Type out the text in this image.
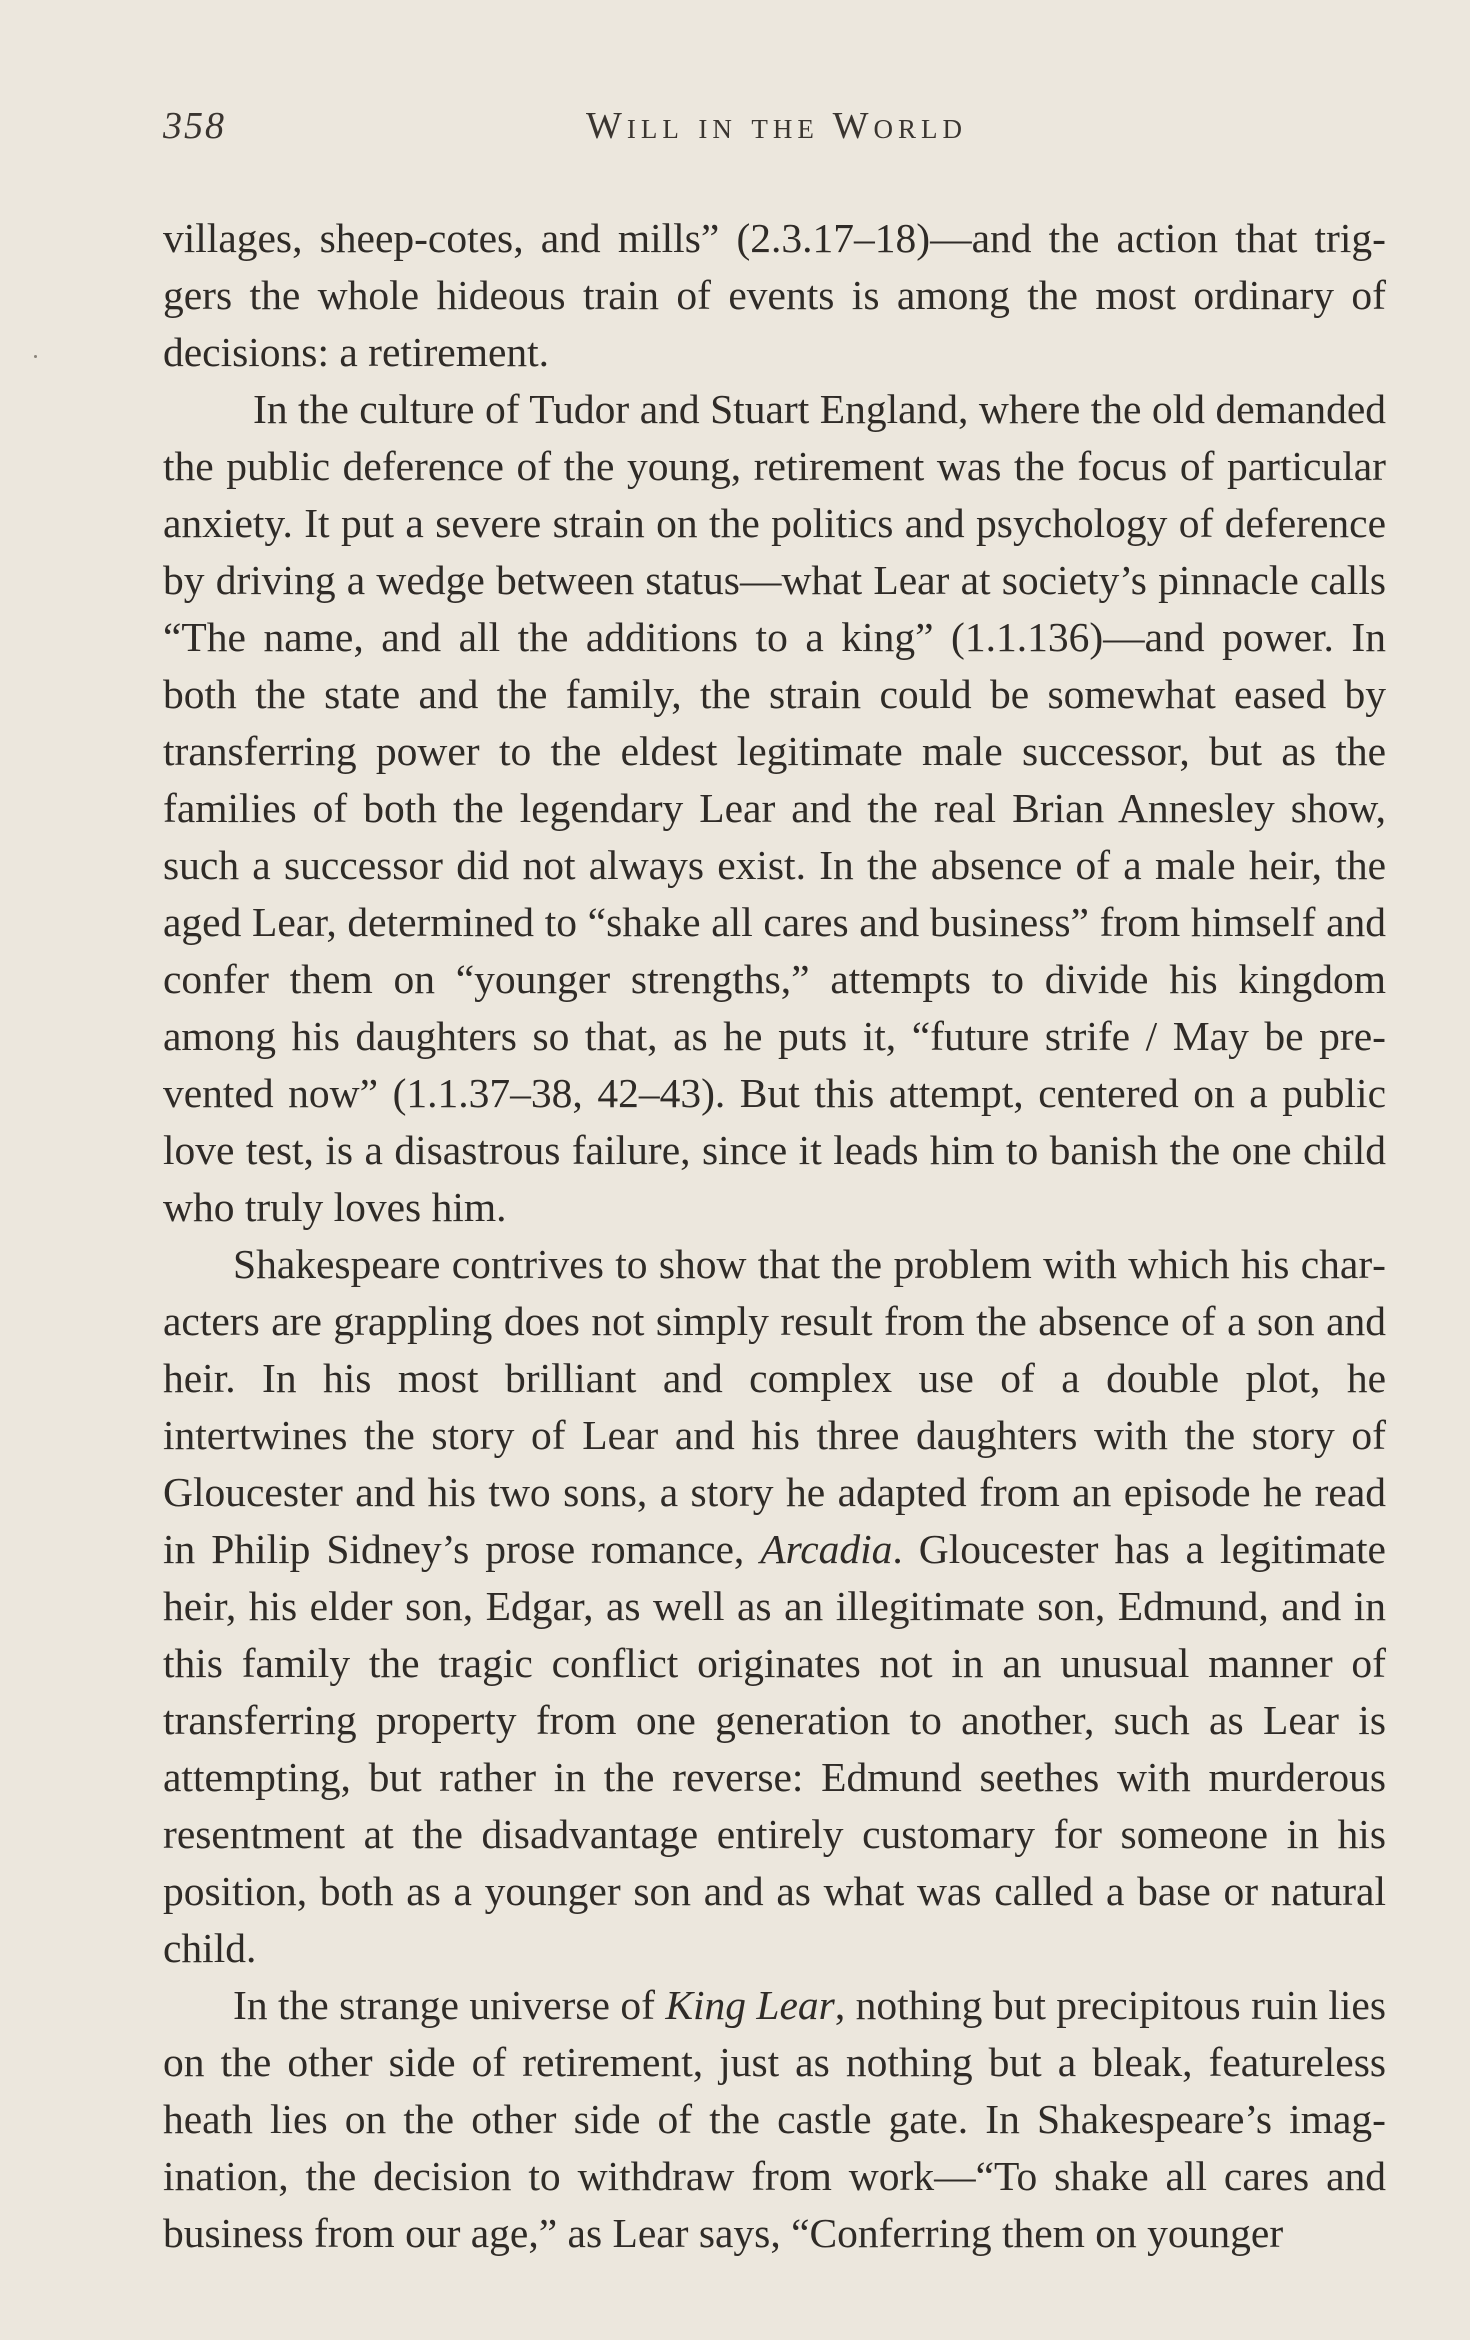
358	Will in the World

villages, sheep-cotes, and mills” (2.3.17–18)—and the action that triggers the whole hideous train of events is among the most ordinary of decisions: a retirement.

In the culture of Tudor and Stuart England, where the old demanded the public deference of the young, retirement was the focus of particular anxiety. It put a severe strain on the politics and psychology of deference by driving a wedge between status—what Lear at society’s pinnacle calls “The name, and all the additions to a king” (1.1.136)—and power. In both the state and the family, the strain could be somewhat eased by transferring power to the eldest legitimate male successor, but as the families of both the legendary Lear and the real Brian Annesley show, such a successor did not always exist. In the absence of a male heir, the aged Lear, determined to “shake all cares and business” from himself and confer them on “younger strengths,” attempts to divide his kingdom among his daughters so that, as he puts it, “future strife / May be prevented now” (1.1.37–38, 42–43). But this attempt, centered on a public love test, is a disastrous failure, since it leads him to banish the one child who truly loves him.

Shakespeare contrives to show that the problem with which his characters are grappling does not simply result from the absence of a son and heir. In his most brilliant and complex use of a double plot, he intertwines the story of Lear and his three daughters with the story of Gloucester and his two sons, a story he adapted from an episode he read in Philip Sidney’s prose romance, Arcadia. Gloucester has a legitimate heir, his elder son, Edgar, as well as an illegitimate son, Edmund, and in this family the tragic conflict originates not in an unusual manner of transferring property from one generation to another, such as Lear is attempting, but rather in the reverse: Edmund seethes with murderous resentment at the disadvantage entirely customary for someone in his position, both as a younger son and as what was called a base or natural child.

In the strange universe of King Lear, nothing but precipitous ruin lies on the other side of retirement, just as nothing but a bleak, featureless heath lies on the other side of the castle gate. In Shakespeare’s imagination, the decision to withdraw from work—“To shake all cares and business from our age,” as Lear says, “Conferring them on younger
